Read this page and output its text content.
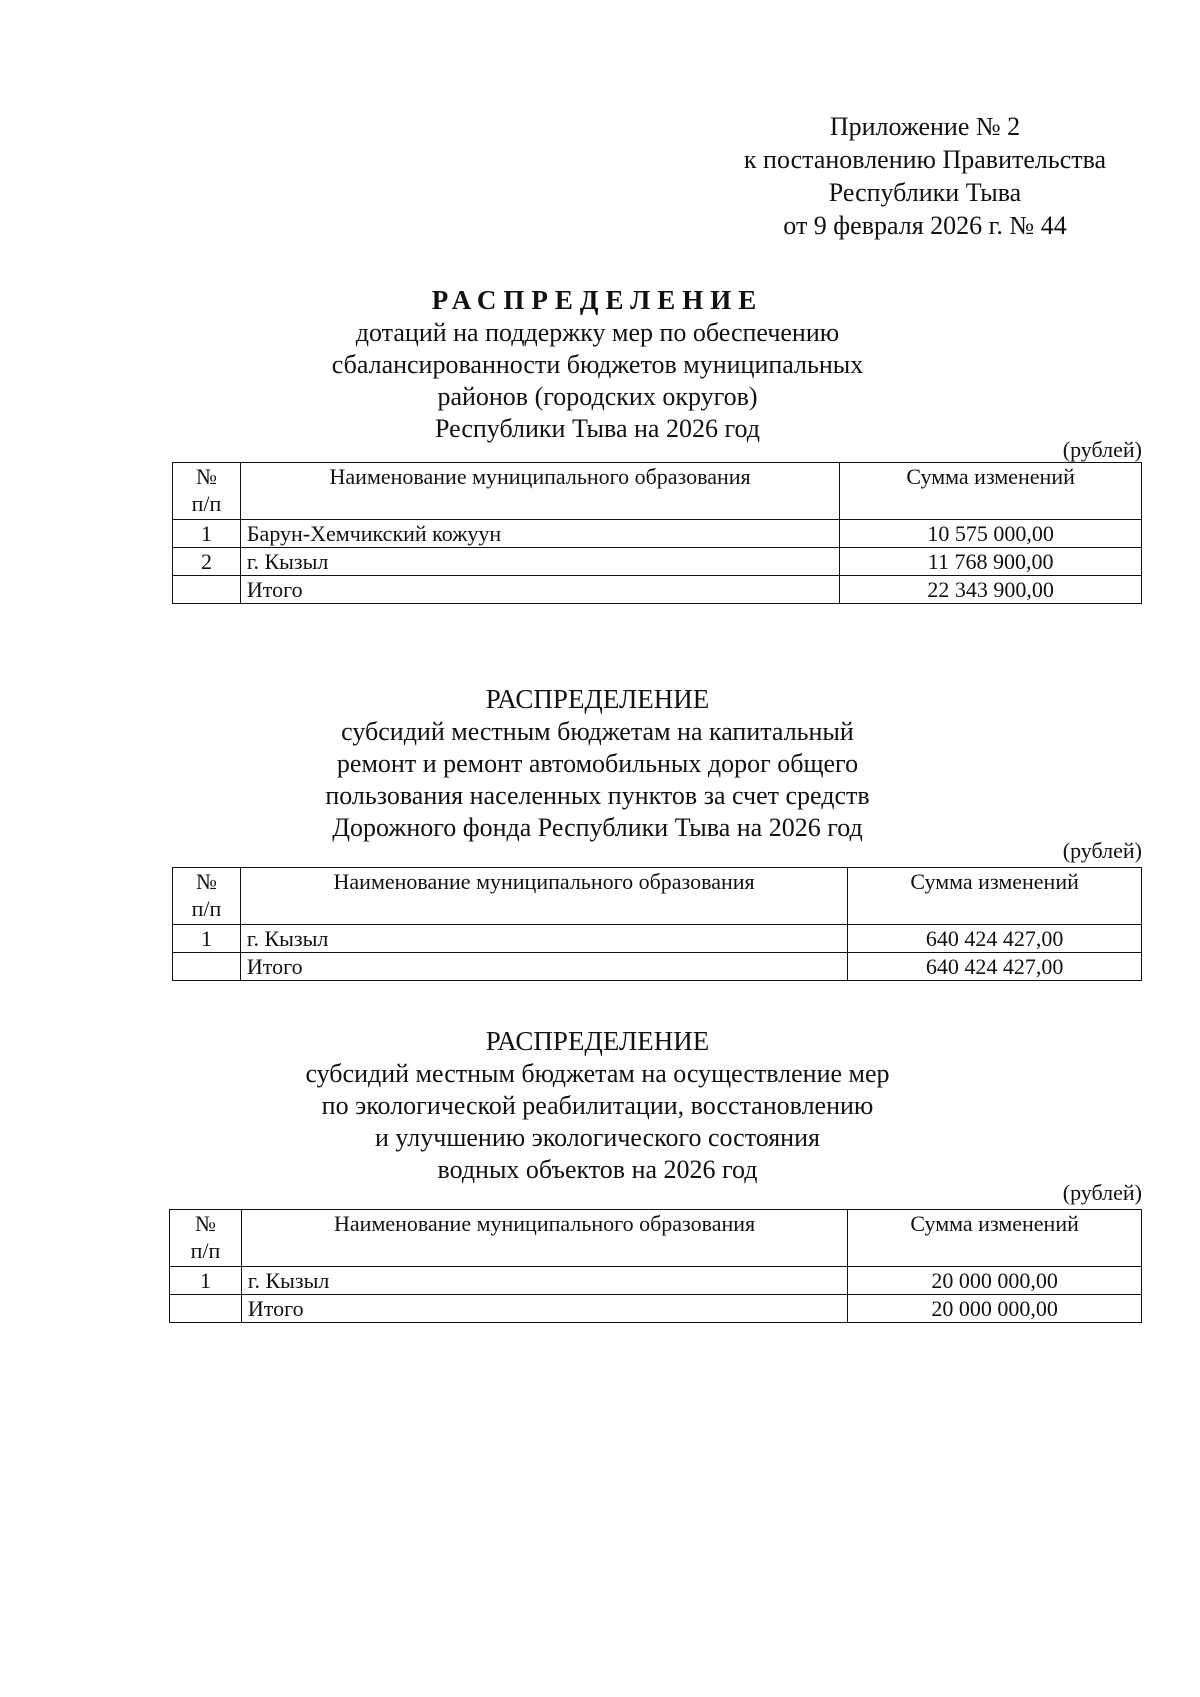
Приложение № 2
к постановлению Правительства
Республики Тыва
от 9 февраля 2026 г. № 44
РАСПРЕДЕЛЕНИЕ
дотаций на поддержку мер по обеспечению
сбалансированности бюджетов муниципальных
районов (городских округов)
Республики Тыва на 2026 год
(рублей)
№
п/п	Наименование муниципального образования	Сумма изменений
1	Барун-Хемчикский кожуун	10 575 000,00
2	г. Кызыл	11 768 900,00
	Итого	22 343 900,00
РАСПРЕДЕЛЕНИЕ
субсидий местным бюджетам на капитальный
ремонт и ремонт автомобильных дорог общего
пользования населенных пунктов за счет средств
Дорожного фонда Республики Тыва на 2026 год
(рублей)
№
п/п	Наименование муниципального образования	Сумма изменений
1	г. Кызыл	640 424 427,00
	Итого	640 424 427,00
РАСПРЕДЕЛЕНИЕ
субсидий местным бюджетам на осуществление мер
по экологической реабилитации, восстановлению
и улучшению экологического состояния
водных объектов на 2026 год
(рублей)
№
п/п	Наименование муниципального образования	Сумма изменений
1	г. Кызыл	20 000 000,00
	Итого	20 000 000,00
